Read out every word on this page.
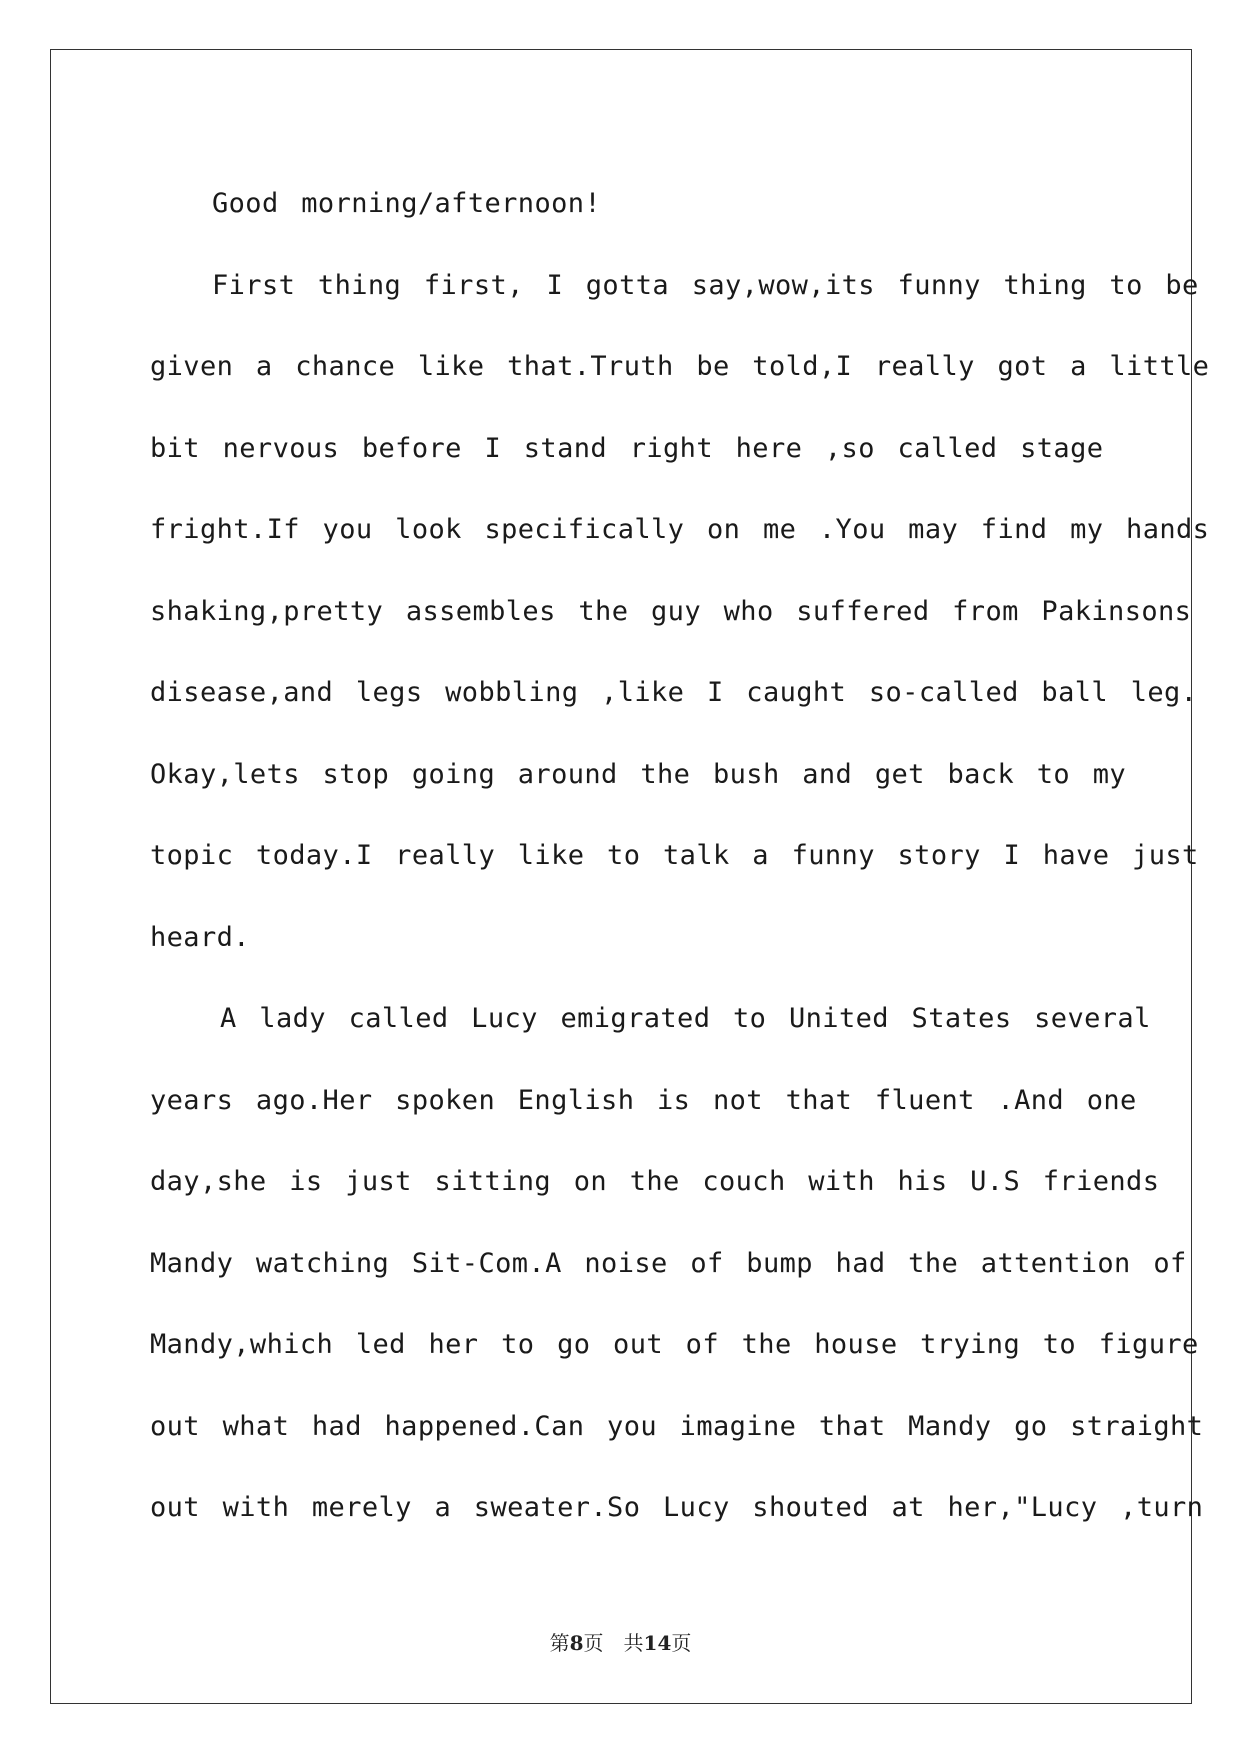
Good morning/afternoon!
First thing first, I gotta say,wow,its funny thing to be
given a chance like that.Truth be told,I really got a little
bit nervous before I stand right here ,so called stage
fright.If you look specifically on me .You may find my hands
shaking,pretty assembles the guy who suffered from Pakinsons
disease,and legs wobbling ,like I caught so-called ball leg.
Okay,lets stop going around the bush and get back to my
topic today.I really like to talk a funny story I have just
heard.
A lady called Lucy emigrated to United States several
years ago.Her spoken English is not that fluent .And one
day,she is just sitting on the couch with his U.S friends
Mandy watching Sit-Com.A noise of bump had the attention of
Mandy,which led her to go out of the house trying to figure
out what had happened.Can you imagine that Mandy go straight
out with merely a sweater.So Lucy shouted at her,"Lucy ,turn
第8页 共14页
